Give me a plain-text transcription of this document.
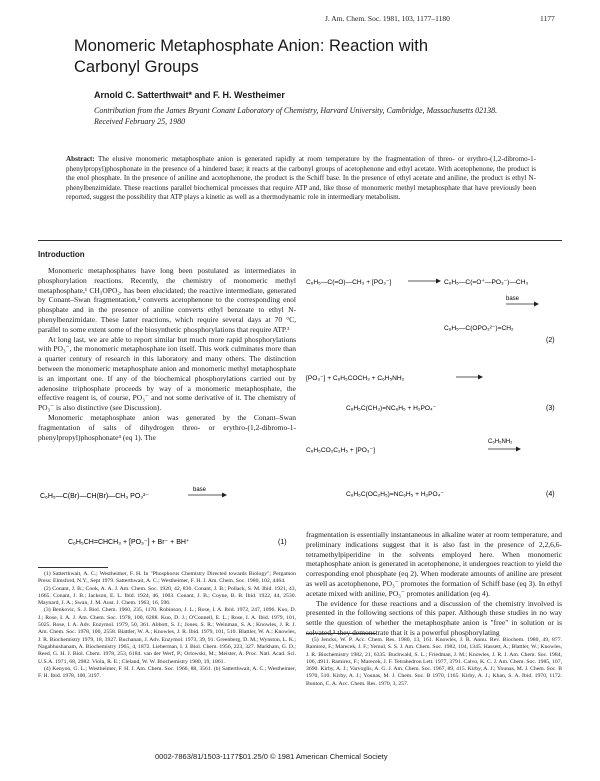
J. Am. Chem. Soc. 1981, 103, 1177–1180	1177
Monomeric Metaphosphate Anion: Reaction with Carbonyl Groups
Arnold C. Satterthwait* and F. H. Westheimer
Contribution from the James Bryant Conant Laboratory of Chemistry, Harvard University, Cambridge, Massachusetts 02138. Received February 25, 1980
Abstract: The elusive monomeric metaphosphate anion is generated rapidly at room temperature by the fragmentation of threo- or erythro-(1,2-dibromo-1-phenylpropyl)phosphonate in the presence of a hindered base; it reacts at the carbonyl groups of acetophenone and ethyl acetate. With acetophenone, the product is the enol phosphate. In the presence of aniline and acetophenone, the product is the Schiff base. In the presence of ethyl acetate and aniline, the product is ethyl N-phenylbenzimidate. These reactions parallel biochemical processes that require ATP and, like those of monomeric methyl metaphosphate that have previously been reported, suggest the possibility that ATP plays a kinetic as well as a thermodynamic role in intermediary metabolism.
Introduction

Monomeric metaphosphates have long been postulated as intermediates in phosphorylation reactions. Recently, the chemistry of monomeric methyl metaphosphate,¹ CH₃OPO₂, has been elucidated; the reactive intermediate, generated by Conant–Swan fragmentation,² converts acetophenone to the corresponding enol phosphate and in the presence of aniline converts ethyl benzoate to ethyl N-phenylbenzimidate. These latter reactions, which require several days at 70 °C, parallel to some extent some of the biosynthetic phosphorylations that require ATP.³

At long last, we are able to report similar but much more rapid phosphorylations with PO₃⁻, the monomeric metaphosphate ion itself. This work culminates more than a quarter century of research in this laboratory and many others. The distinction between the monomeric metaphosphate anion and monomeric methyl metaphosphate is an important one. If any of the biochemical phosphorylations carried out by adenosine triphosphate proceeds by way of a monomeric metaphosphate, the effective reagent is, of course, PO₃⁻ and not some derivative of it. The chemistry of PO₃⁻ is also distinctive (see Discussion).

Monomeric metaphosphate anion was generated by the Conant–Swan fragmentation of salts of dihydrogen threo- or erythro-(1,2-dibromo-1-phenylpropyl)phosphonate⁴ (eq 1). The

C₆H₅—C(Br)—CH(Br)—CH₃ PO₃²⁻
base
C₆H₅CH=CHCH₃ + [PO₃⁻] + Br⁻ + BH⁺	(1)
C₆H₅—C(=O)—CH₃ + [PO₃⁻]	C₆H₅—C(=O⁺—PO₃⁻)—CH₃
base
C₆H₅—C(OPO₃²⁻)=CH₂
(2)
[PO₃⁻] + C₆H₅COCH₃ + C₆H₅NH₂
C₆H₅C(CH₃)=NC₆H₅ + H₂PO₄⁻	(3)
C₆H₅CO₂C₂H₅ + [PO₃⁻]
C₆H₅NH₂
C₆H₅C(OC₂H₅)=NC₆H₅ + H₂PO₄⁻	(4)

fragmentation is essentially instantaneous in alkaline water at room temperature, and preliminary indications suggest that it is also fast in the presence of 2,2,6,6-tetramethylpiperidine in the solvents employed here. When monomeric metaphosphate anion is generated in acetophenone, it undergoes reaction to yield the corresponding enol phosphate (eq 2). When moderate amounts of aniline are present as well as acetophenone, PO₃⁻ promotes the formation of Schiff base (eq 3). In ethyl acetate mixed with aniline, PO₃⁻ promotes anilidation (eq 4).

The evidence for these reactions and a discussion of the chemistry involved is presented in the following sections of this paper. Although these studies in no way settle the question of whether the metaphosphate anion is "free" in solution or is solvated,⁵ they demonstrate that it is a powerful phosphorylating

(1) Satterthwait, A. C.; Westheimer, F. H. In "Phosphorus Chemistry Directed towards Biology"; Pergamon Press: Elmsford, N.Y., Sept 1979. Satterthwait, A. C.; Westheimer, F. H. J. Am. Chem. Soc. 1980, 102, 4464.

(2) Conant, J. B.; Cook, A. A. J. Am. Chem. Soc. 1920, 42, 830. Conant, J. B.; Pollack, S. M. Ibid. 1921, 43, 1665. Conant, J. B.; Jackson, E. L. Ibid. 1924, 46, 1003. Conant, J. B.; Coyne, B. B. Ibid. 1922, 44, 2530. Maynard, J. A.; Swan, J. M. Aust. J. Chem. 1963, 16, 596.

(3) Benkovic, S. J. Biol. Chem. 1960, 235, 1170. Robinson, J. L.; Rose, I. A. Ibid. 1972, 247, 1096. Kuo, D. J.; Rose, I. A. J. Am. Chem. Soc. 1978, 100, 6288. Kuo, D. J.; O'Connell, E. L.; Rose, I. A. Ibid. 1979, 101, 5025. Rose, I. A. Adv. Enzymol. 1979, 50, 361. Abbott, S. J.; Jones, S. R.; Weinman, S. A.; Knowles, J. R. J. Am. Chem. Soc. 1978, 100, 2558. Blattler, W. A.; Knowles, J. R. Ibid. 1979, 101, 510. Blattler, W. A.; Knowles, J. R. Biochemistry 1979, 18, 3927. Buchanan, J. Adv. Enzymol. 1973, 39, 91. Greenberg, D. M.; Wynston, L. K.; Nagabhushanam, A. Biochemistry 1965, 4, 1872. Lieberman, I. J. Biol. Chem. 1956, 223, 327. Markham, G. D.; Reed, G. H. J. Biol. Chem. 1978, 253, 6184. van der Werf, P.; Orlowski, M.; Meister, A. Proc. Natl. Acad. Sci. U.S.A. 1971, 68, 2982. Viola, R. E.; Cleland, W. W. Biochemistry 1980, 19, 1861.

(4) Kenyon, G. L.; Westheimer, F. H. J. Am. Chem. Soc. 1966, 88, 3561. (b) Satterthwait, A. C.; Westheimer, F. H. Ibid. 1978, 100, 3197.

(5) Jencks, W. P. Acc. Chem. Res. 1980, 13, 161. Knowles, J. R. Annu. Rev. Biochem. 1980, 49, 877. Ramirez, F.; Marecek, J. F.; Yemul, S. S. J. Am. Chem. Soc. 1982, 104, 1345. Hassett, A.; Blattler, W.; Knowles, J. R. Biochemistry 1982, 21, 6335. Buchwald, S. L.; Friedman, J. M.; Knowles, J. R. J. Am. Chem. Soc. 1984, 106, 4911. Ramirez, F.; Marecek, J. F. Tetrahedron Lett. 1977, 3791. Calvo, K. C. J. Am. Chem. Soc. 1985, 107, 3690. Kirby, A. J.; Varvoglis, A. G. J. Am. Chem. Soc. 1967, 89, 415. Kirby, A. J.; Younas, M. J. Chem. Soc. B 1970, 510. Kirby, A. J.; Younas, M. J. Chem. Soc. B 1970, 1165. Kirby, A. J.; Khan, S. A. Ibid. 1970, 1172. Bunton, C. A. Acc. Chem. Res. 1970, 3, 257.

0002-7863/81/1503-1177$01.25/0 © 1981 American Chemical Society
